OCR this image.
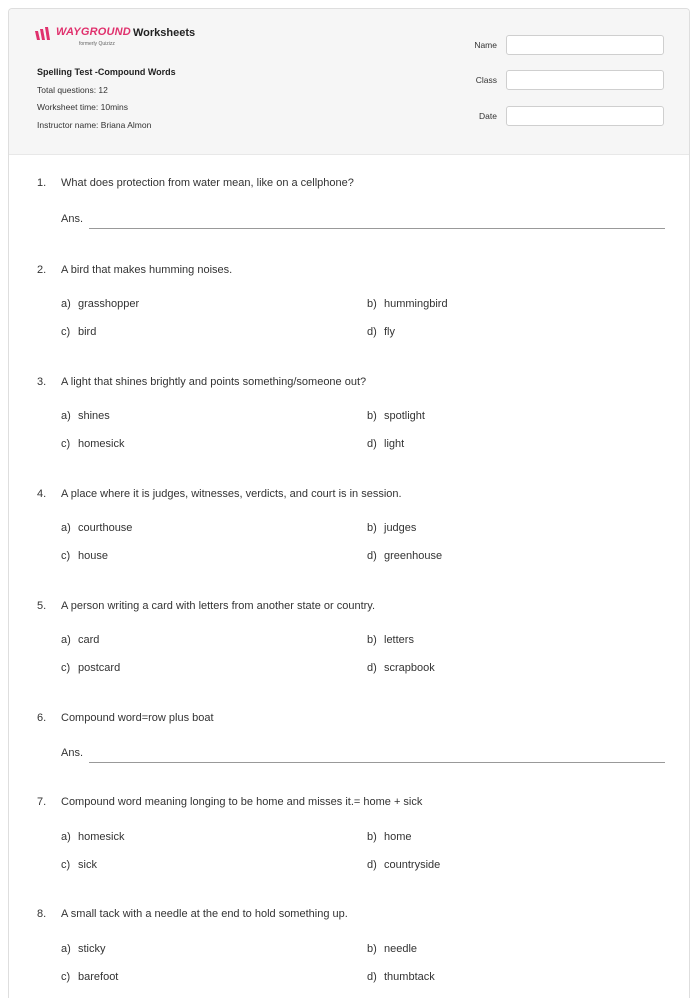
WAYGROUND
formerly Quizizz
Worksheets
Spelling Test -Compound Words
Total questions: 12
Worksheet time: 10mins
Instructor name: Briana Almon
Name
Class
Date
1. What does protection from water mean, like on a cellphone?
Ans.
2. A bird that makes humming noises.
a) grasshopper	b) hummingbird
c) bird	d) fly
3. A light that shines brightly and points something/someone out?
a) shines	b) spotlight
c) homesick	d) light
4. A place where it is judges, witnesses, verdicts, and court is in session.
a) courthouse	b) judges
c) house	d) greenhouse
5. A person writing a card with letters from another state or country.
a) card	b) letters
c) postcard	d) scrapbook
6. Compound word=row plus boat
Ans.
7. Compound word meaning longing to be home and misses it.= home + sick
a) homesick	b) home
c) sick	d) countryside
8. A small tack with a needle at the end to hold something up.
a) sticky	b) needle
c) barefoot	d) thumbtack
